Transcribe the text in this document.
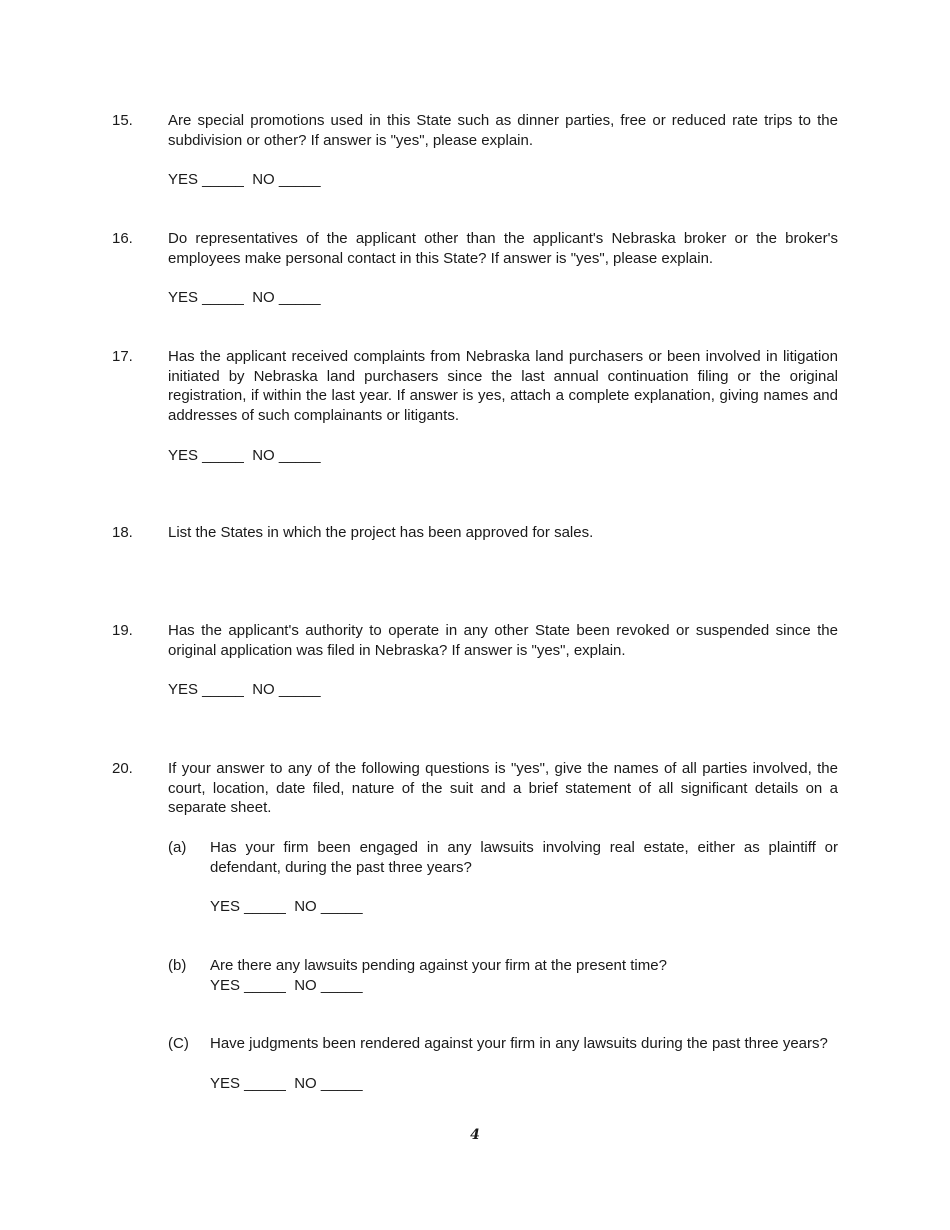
15. Are special promotions used in this State such as dinner parties, free or reduced rate trips to the subdivision or other? If answer is "yes", please explain.
YES _____  NO _____
16. Do representatives of the applicant other than the applicant's Nebraska broker or the broker's employees make personal contact in this State? If answer is "yes", please explain.
YES _____  NO _____
17. Has the applicant received complaints from Nebraska land purchasers or been involved in litigation initiated by Nebraska land purchasers since the last annual continuation filing or the original registration, if within the last year. If answer is yes, attach a complete explanation, giving names and addresses of such complainants or litigants.
YES _____  NO _____
18. List the States in which the project has been approved for sales.
19. Has the applicant's authority to operate in any other State been revoked or suspended since the original application was filed in Nebraska? If answer is "yes", explain.
YES _____  NO _____
20. If your answer to any of the following questions is "yes", give the names of all parties involved, the court, location, date filed, nature of the suit and a brief statement of all significant details on a separate sheet.
(a) Has your firm been engaged in any lawsuits involving real estate, either as plaintiff or defendant, during the past three years?
YES _____  NO _____
(b) Are there any lawsuits pending against your firm at the present time?
YES _____  NO _____
(C) Have judgments been rendered against your firm in any lawsuits during the past three years?
YES _____  NO _____
4
